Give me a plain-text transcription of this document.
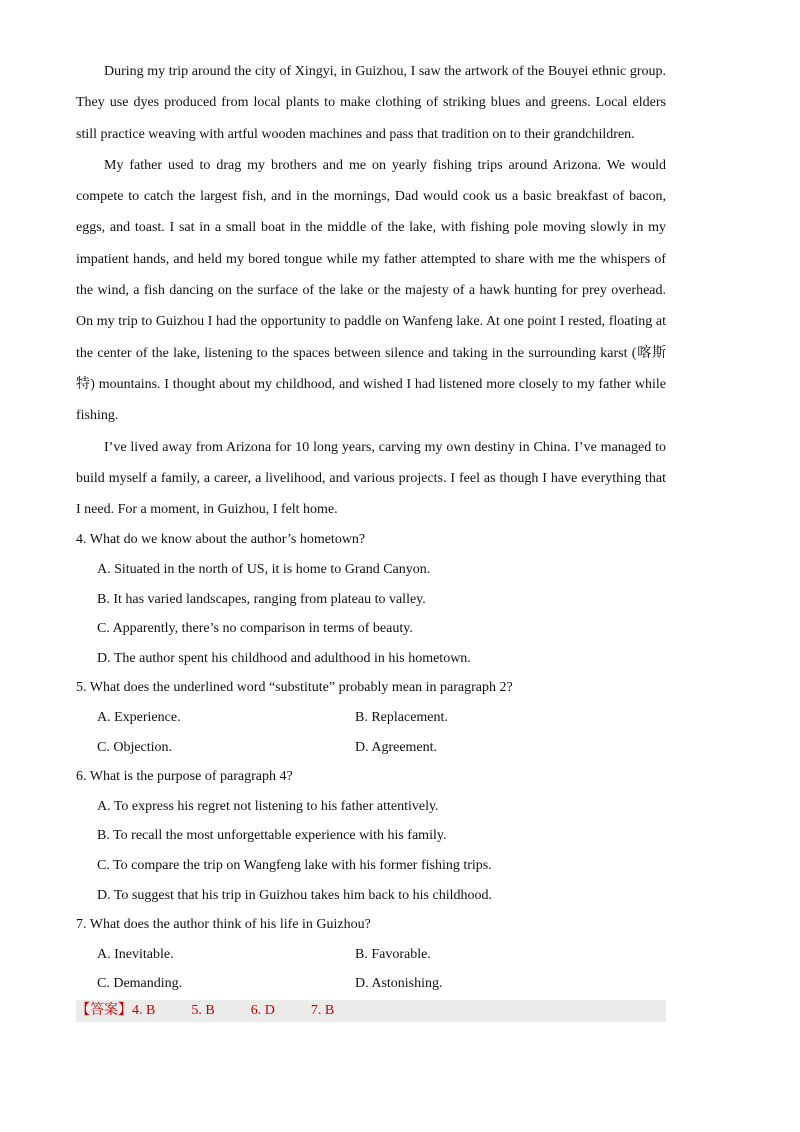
During my trip around the city of Xingyi, in Guizhou, I saw the artwork of the Bouyei ethnic group. They use dyes produced from local plants to make clothing of striking blues and greens. Local elders still practice weaving with artful wooden machines and pass that tradition on to their grandchildren.

My father used to drag my brothers and me on yearly fishing trips around Arizona. We would compete to catch the largest fish, and in the mornings, Dad would cook us a basic breakfast of bacon, eggs, and toast. I sat in a small boat in the middle of the lake, with fishing pole moving slowly in my impatient hands, and held my bored tongue while my father attempted to share with me the whispers of the wind, a fish dancing on the surface of the lake or the majesty of a hawk hunting for prey overhead. On my trip to Guizhou I had the opportunity to paddle on Wanfeng lake. At one point I rested, floating at the center of the lake, listening to the spaces between silence and taking in the surrounding karst (喀斯特) mountains. I thought about my childhood, and wished I had listened more closely to my father while fishing.

I’ve lived away from Arizona for 10 long years, carving my own destiny in China. I’ve managed to build myself a family, a career, a livelihood, and various projects. I feel as though I have everything that I need. For a moment, in Guizhou, I felt home.

4. What do we know about the author’s hometown?

A. Situated in the north of US, it is home to Grand Canyon.

B. It has varied landscapes, ranging from plateau to valley.

C. Apparently, there’s no comparison in terms of beauty.

D. The author spent his childhood and adulthood in his hometown.

5. What does the underlined word “substitute” probably mean in paragraph 2?

A. Experience.	B. Replacement.
C. Objection.	D. Agreement.

6. What is the purpose of paragraph 4?

A. To express his regret not listening to his father attentively.

B. To recall the most unforgettable experience with his family.

C. To compare the trip on Wangfeng lake with his former fishing trips.

D. To suggest that his trip in Guizhou takes him back to his childhood.

7. What does the author think of his life in Guizhou?

A. Inevitable.	B. Favorable.
C. Demanding.	D. Astonishing.
【答案】4. B	5. B	6. D	7. B
